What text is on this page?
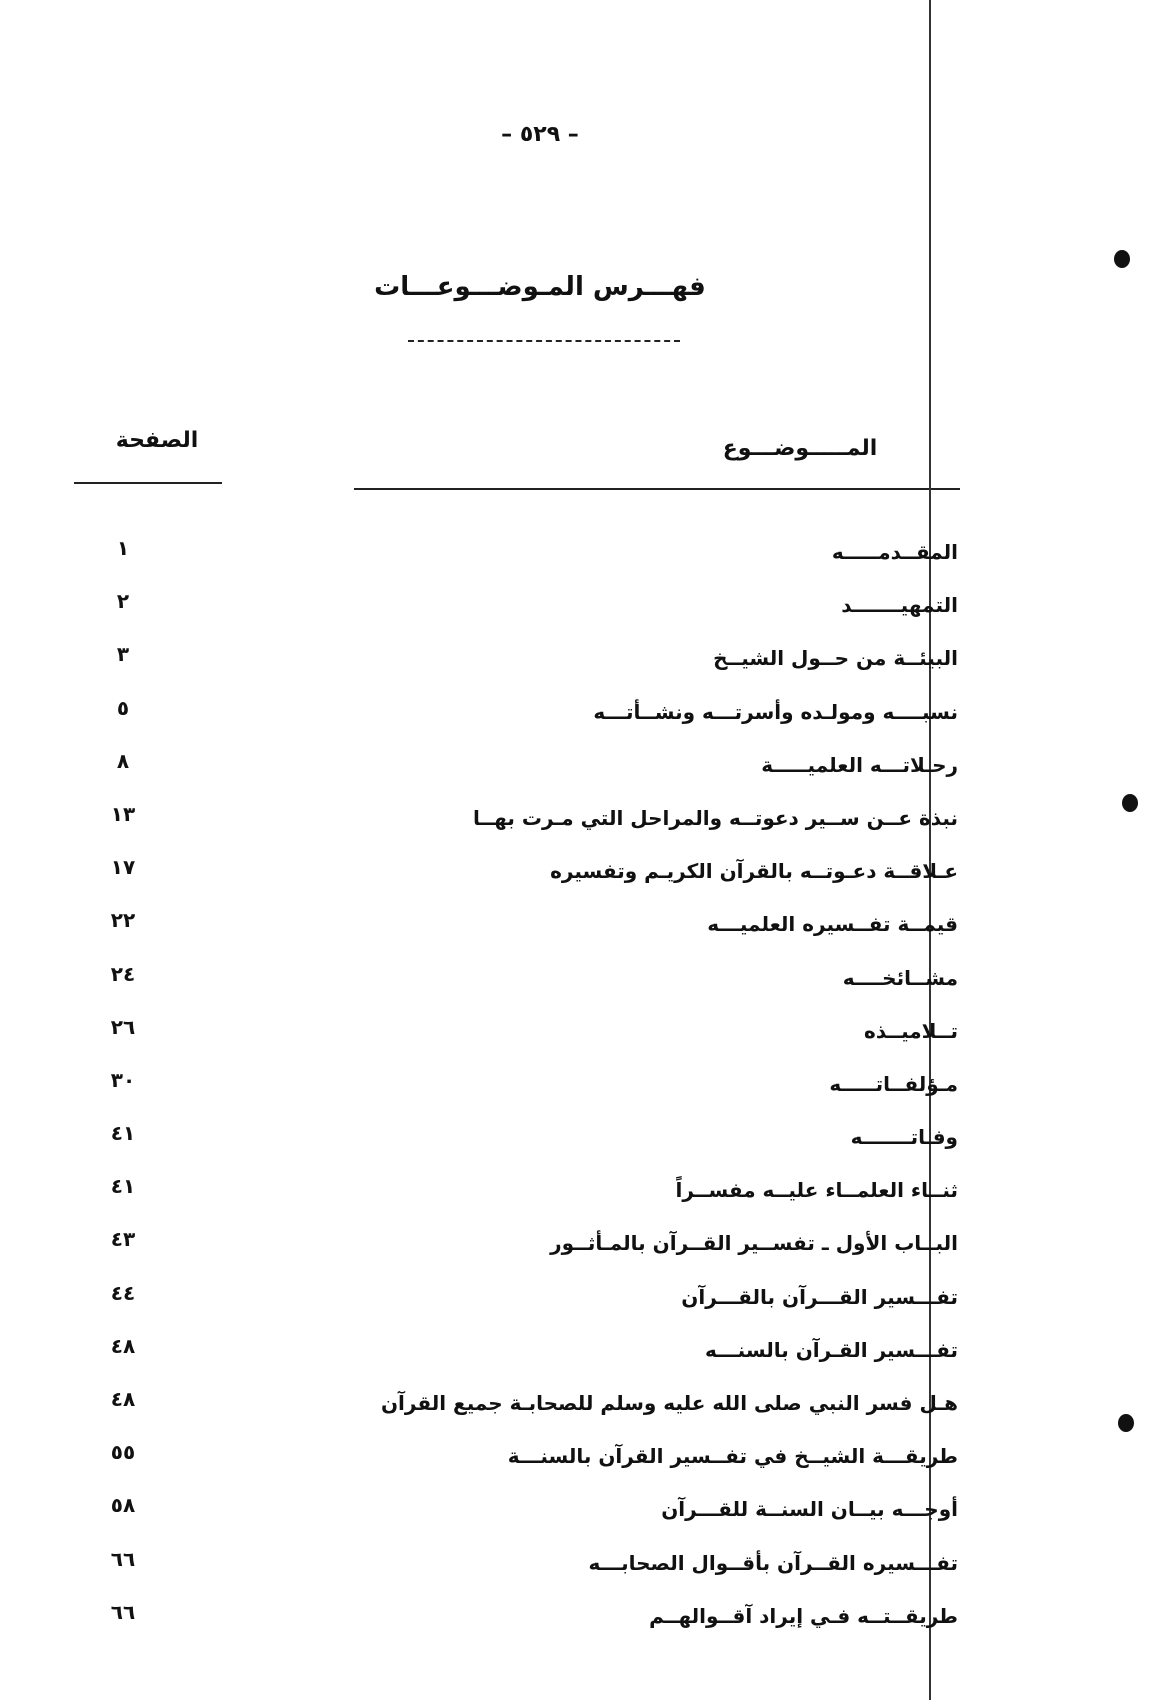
– ٥٢٩ –
فهـــرس المـوضـــوعـــات
الصفحة	المـــــوضـــوع
المقــدمـــــه
١
التمهيـــــــد
٢
البيئــة من حــول الشيــخ
٣
نسبــــه ومولـده وأسرتـــه ونشــأتـــه
٥
رحـلاتـــه العلميـــــة
٨
نبذة عــن ســير دعوتــه والمراحل التي مـرت بهــا
١٣
عـلاقــة دعـوتــه بالقرآن الكريـم وتفسيره
١٧
قيمــة تفــسيره العلميـــه
٢٢
مشــائخــــه
٢٤
تــلاميــذه
٢٦
مـؤلفــاتـــــه
٣٠
وفـاتـــــــه
٤١
ثنــاء العلمــاء عليــه مفســراً
٤١
البــاب الأول ـ تفســير القــرآن بالمـأثــور
٤٣
تفـــسير القـــرآن بالقـــرآن
٤٤
تفـــسير القـرآن بالسنـــه
٤٨
هـل فسر النبي صلى الله عليه وسلم للصحابـة جميع القرآن
٤٨
طريقـــة الشيــخ في تفــسير القرآن بالسنـــة
٥٥
أوجـــه بيــان السنــة للقـــرآن
٥٨
تفـــسيره القــرآن بأقــوال الصحابـــه
٦٦
طريقــتــه فـي إيراد آقــوالهــم
٦٦
